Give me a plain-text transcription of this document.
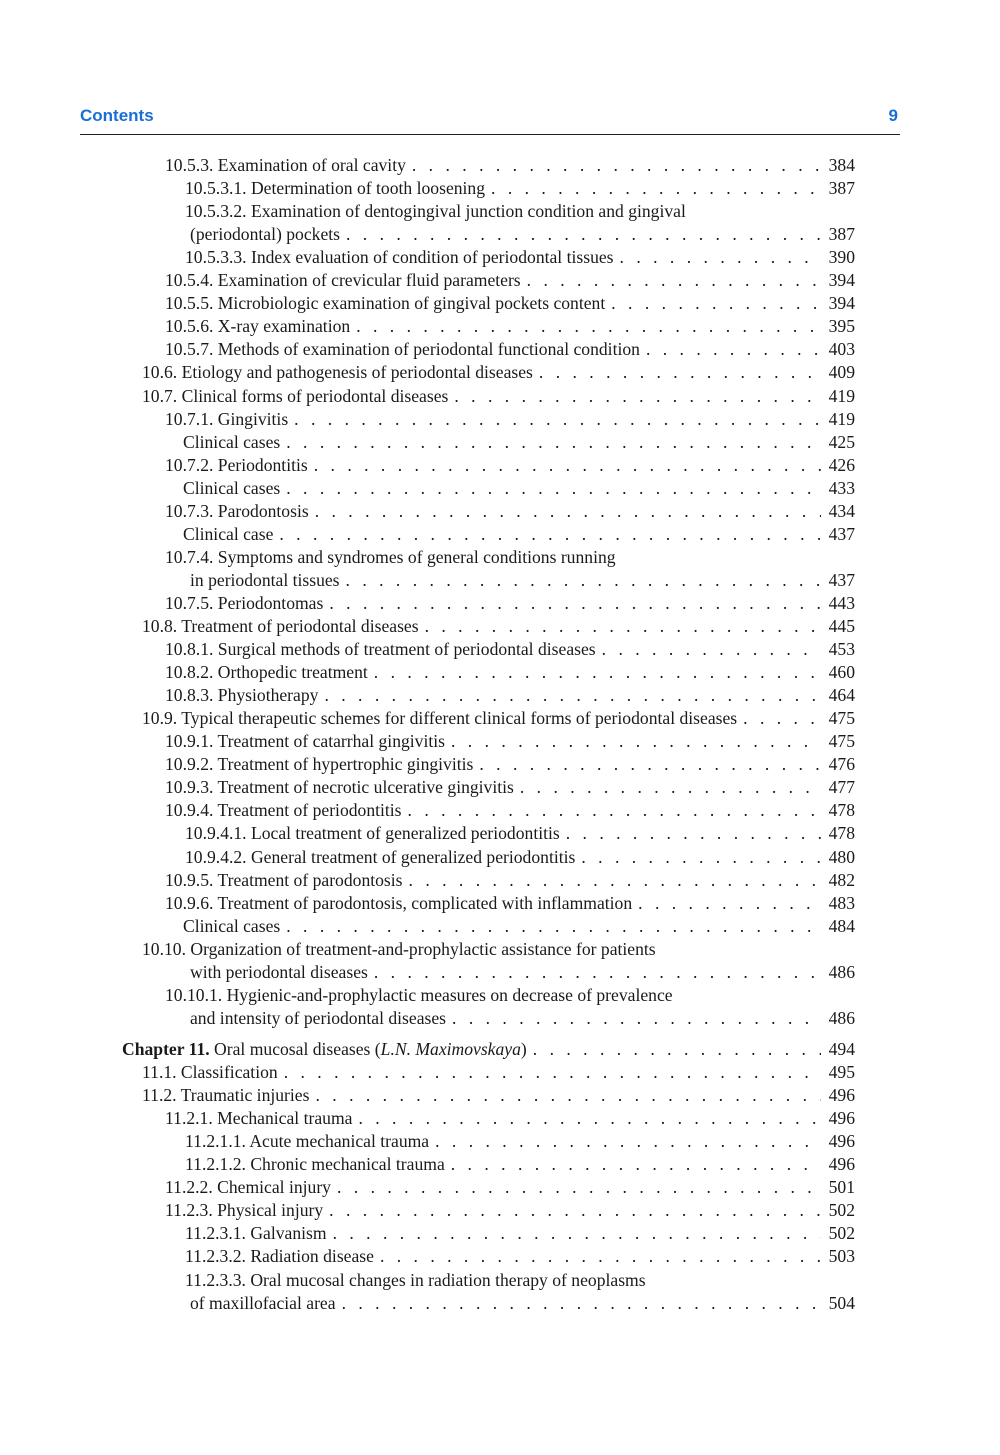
Contents	9
10.5.3. Examination of oral cavity . . .	384
10.5.3.1. Determination of tooth loosening . . .	387
10.5.3.2. Examination of dentogingival junction condition and gingival
(periodontal) pockets . . .	387
10.5.3.3. Index evaluation of condition of periodontal tissues . . .	390
10.5.4. Examination of crevicular fluid parameters . . .	394
10.5.5. Microbiologic examination of gingival pockets content . . .	394
10.5.6. X-ray examination . . .	395
10.5.7. Methods of examination of periodontal functional condition . . .	403
10.6. Etiology and pathogenesis of periodontal diseases . . .	409
10.7. Clinical forms of periodontal diseases . . .	419
10.7.1. Gingivitis . . .	419
Clinical cases . . .	425
10.7.2. Periodontitis . . .	426
Clinical cases . . .	433
10.7.3. Parodontosis . . .	434
Clinical case . . .	437
10.7.4. Symptoms and syndromes of general conditions running
in periodontal tissues . . .	437
10.7.5. Periodontomas . . .	443
10.8. Treatment of periodontal diseases . . .	445
10.8.1. Surgical methods of treatment of periodontal diseases . . .	453
10.8.2. Orthopedic treatment . . .	460
10.8.3. Physiotherapy . . .	464
10.9. Typical therapeutic schemes for different clinical forms of periodontal diseases . . .	475
10.9.1. Treatment of catarrhal gingivitis . . .	475
10.9.2. Treatment of hypertrophic gingivitis . . .	476
10.9.3. Treatment of necrotic ulcerative gingivitis . . .	477
10.9.4. Treatment of periodontitis . . .	478
10.9.4.1. Local treatment of generalized periodontitis . . .	478
10.9.4.2. General treatment of generalized periodontitis . . .	480
10.9.5. Treatment of parodontosis . . .	482
10.9.6. Treatment of parodontosis, complicated with inflammation . . .	483
Clinical cases . . .	484
10.10. Organization of treatment-and-prophylactic assistance for patients
with periodontal diseases . . .	486
10.10.1. Hygienic-and-prophylactic measures on decrease of prevalence
and intensity of periodontal diseases . . .	486
Chapter 11. Oral mucosal diseases (L.N. Maximovskaya) . . .	494
11.1. Classification . . .	495
11.2. Traumatic injuries . . .	496
11.2.1. Mechanical trauma . . .	496
11.2.1.1. Acute mechanical trauma . . .	496
11.2.1.2. Chronic mechanical trauma . . .	496
11.2.2. Chemical injury . . .	501
11.2.3. Physical injury . . .	502
11.2.3.1. Galvanism . . .	502
11.2.3.2. Radiation disease . . .	503
11.2.3.3. Oral mucosal changes in radiation therapy of neoplasms
of maxillofacial area . . .	504
